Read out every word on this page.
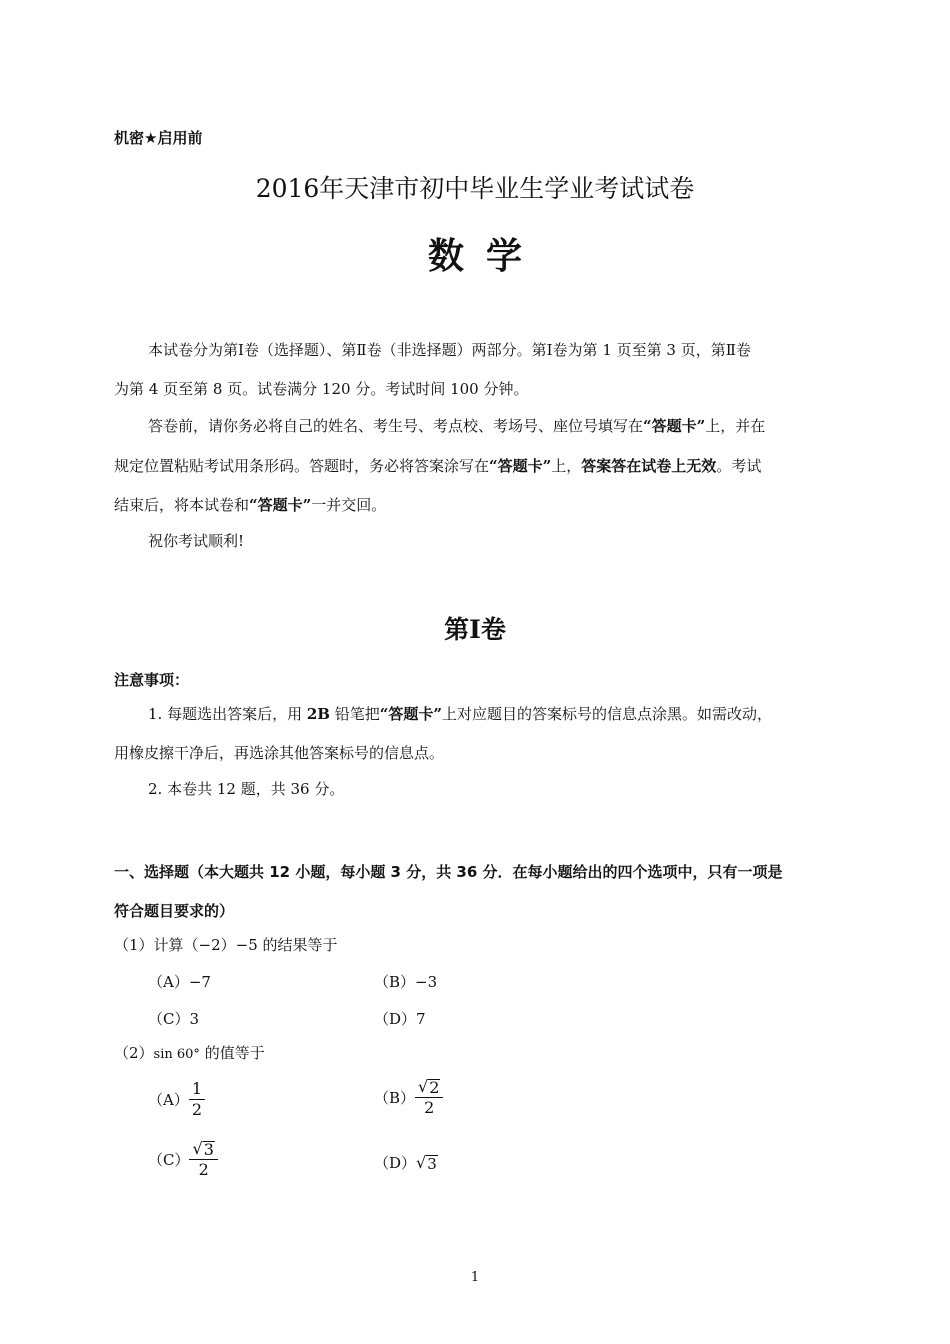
机密★启用前
2016年天津市初中毕业生学业考试试卷
数学
本试卷分为第Ⅰ卷（选择题）、第Ⅱ卷（非选择题）两部分。第Ⅰ卷为第 1 页至第 3 页，第Ⅱ卷
为第 4 页至第 8 页。试卷满分 120 分。考试时间 100 分钟。
答卷前，请你务必将自己的姓名、考生号、考点校、考场号、座位号填写在“答题卡”上，并在
规定位置粘贴考试用条形码。答题时，务必将答案涂写在“答题卡”上，答案答在试卷上无效。考试
结束后，将本试卷和“答题卡”一并交回。
祝你考试顺利!
第Ⅰ卷
注意事项：
1. 每题选出答案后，用 2B 铅笔把“答题卡”上对应题目的答案标号的信息点涂黑。如需改动，
用橡皮擦干净后，再选涂其他答案标号的信息点。
2. 本卷共 12 题，共 36 分。
一、选择题（本大题共 12 小题，每小题 3 分，共 36 分．在每小题给出的四个选项中，只有一项是
符合题目要求的）
（1）计算（−2）−5 的结果等于
（A）−7	（B）−3
（C）3	（D）7
（2）sin 60° 的值等于
$(A) \frac{1}{2}$	$(B) \frac{√ 2}{2}$
$(C) \frac{√ 3}{2}$	（D） √ 3
1
